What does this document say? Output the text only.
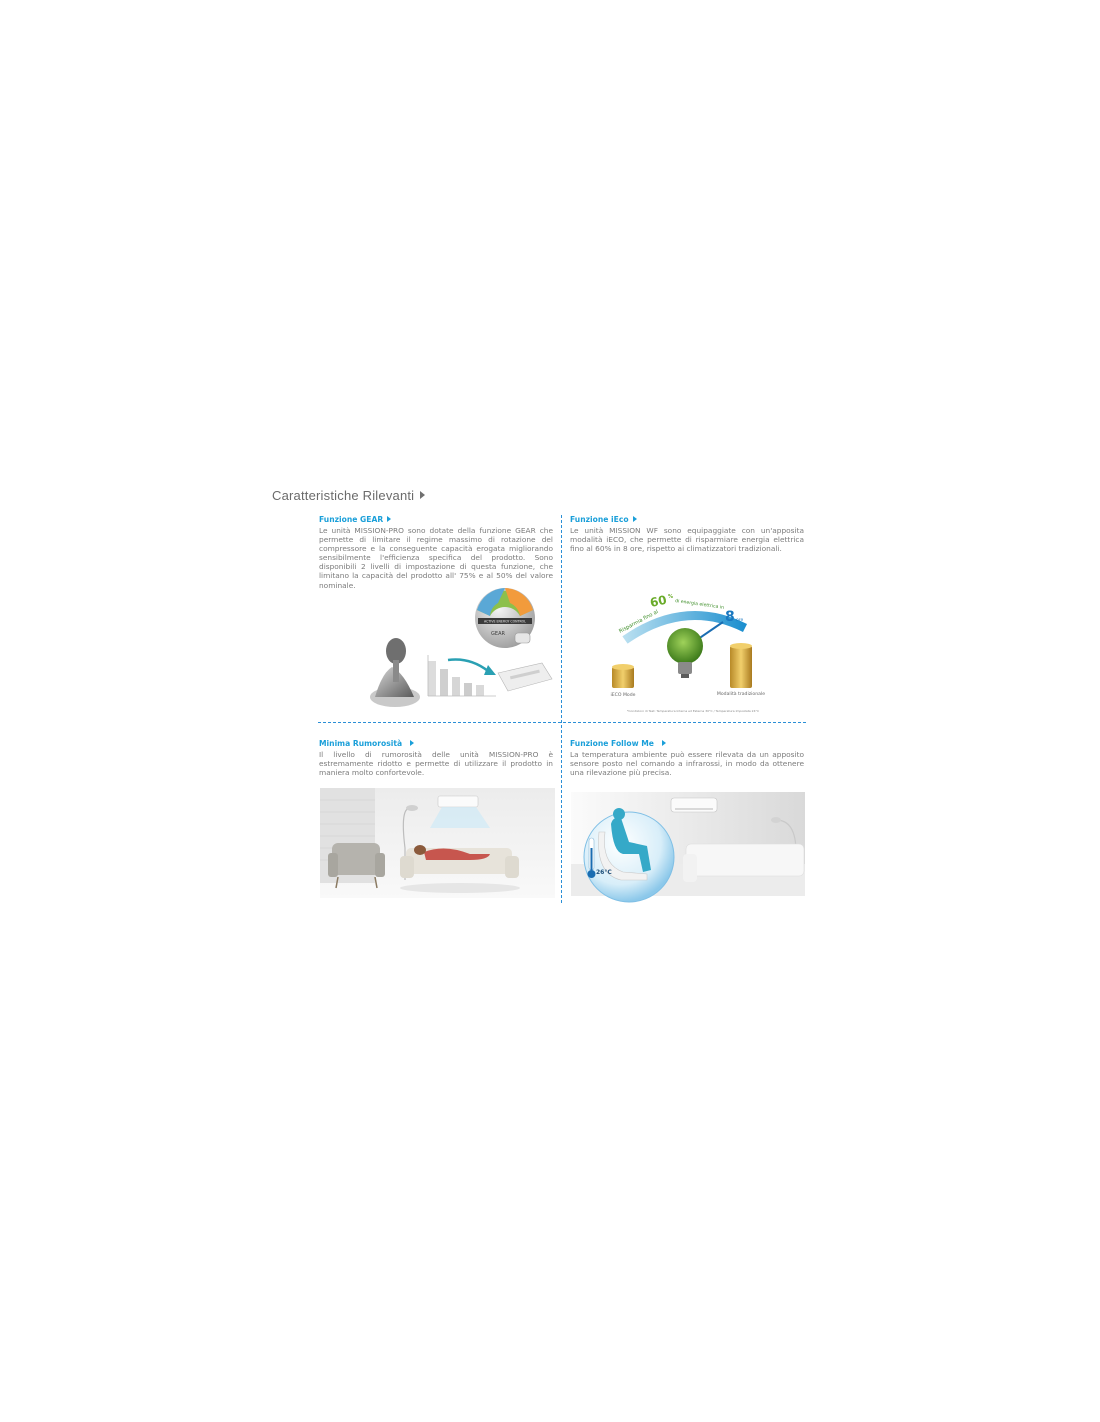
Caratteristiche Rilevanti
Funzione GEAR
Le unità MISSION-PRO sono dotate della funzione GEAR che permette di limitare il regime massimo di rotazione del compressore e la conseguente capacità erogata migliorando sensibilmente l'efficienza specifica del prodotto. Sono disponibili 2 livelli di impostazione di questa funzione, che limitano la capacità del prodotto all' 75% e al 50% del valore nominale.
ACTIVE ENERGY CONTROL
GEAR
Funzione iEco
Le unità MISSION WF sono equipaggiate con un'apposita modalità iECO, che permette di risparmiare energia elettrica fino al 60% in 8 ore, rispetto ai climatizzatori tradizionali.
Risparmia fino al
60 %
di energia elettrica in
8 ore
iECO Mode	Modalità tradizionale
*Condizioni di Test: Temperatura Interna ed Esterna 30°C / Temperatura Impostata 24°C
Minima Rumorosità
Il livello di rumorosità delle unità MISSION-PRO è estremamente ridotto e permette di utilizzare il prodotto in maniera molto confortevole.
Funzione Follow Me
La temperatura ambiente può essere rilevata da un apposito sensore posto nel comando a infrarossi, in modo da ottenere una rilevazione più precisa.
26°C
